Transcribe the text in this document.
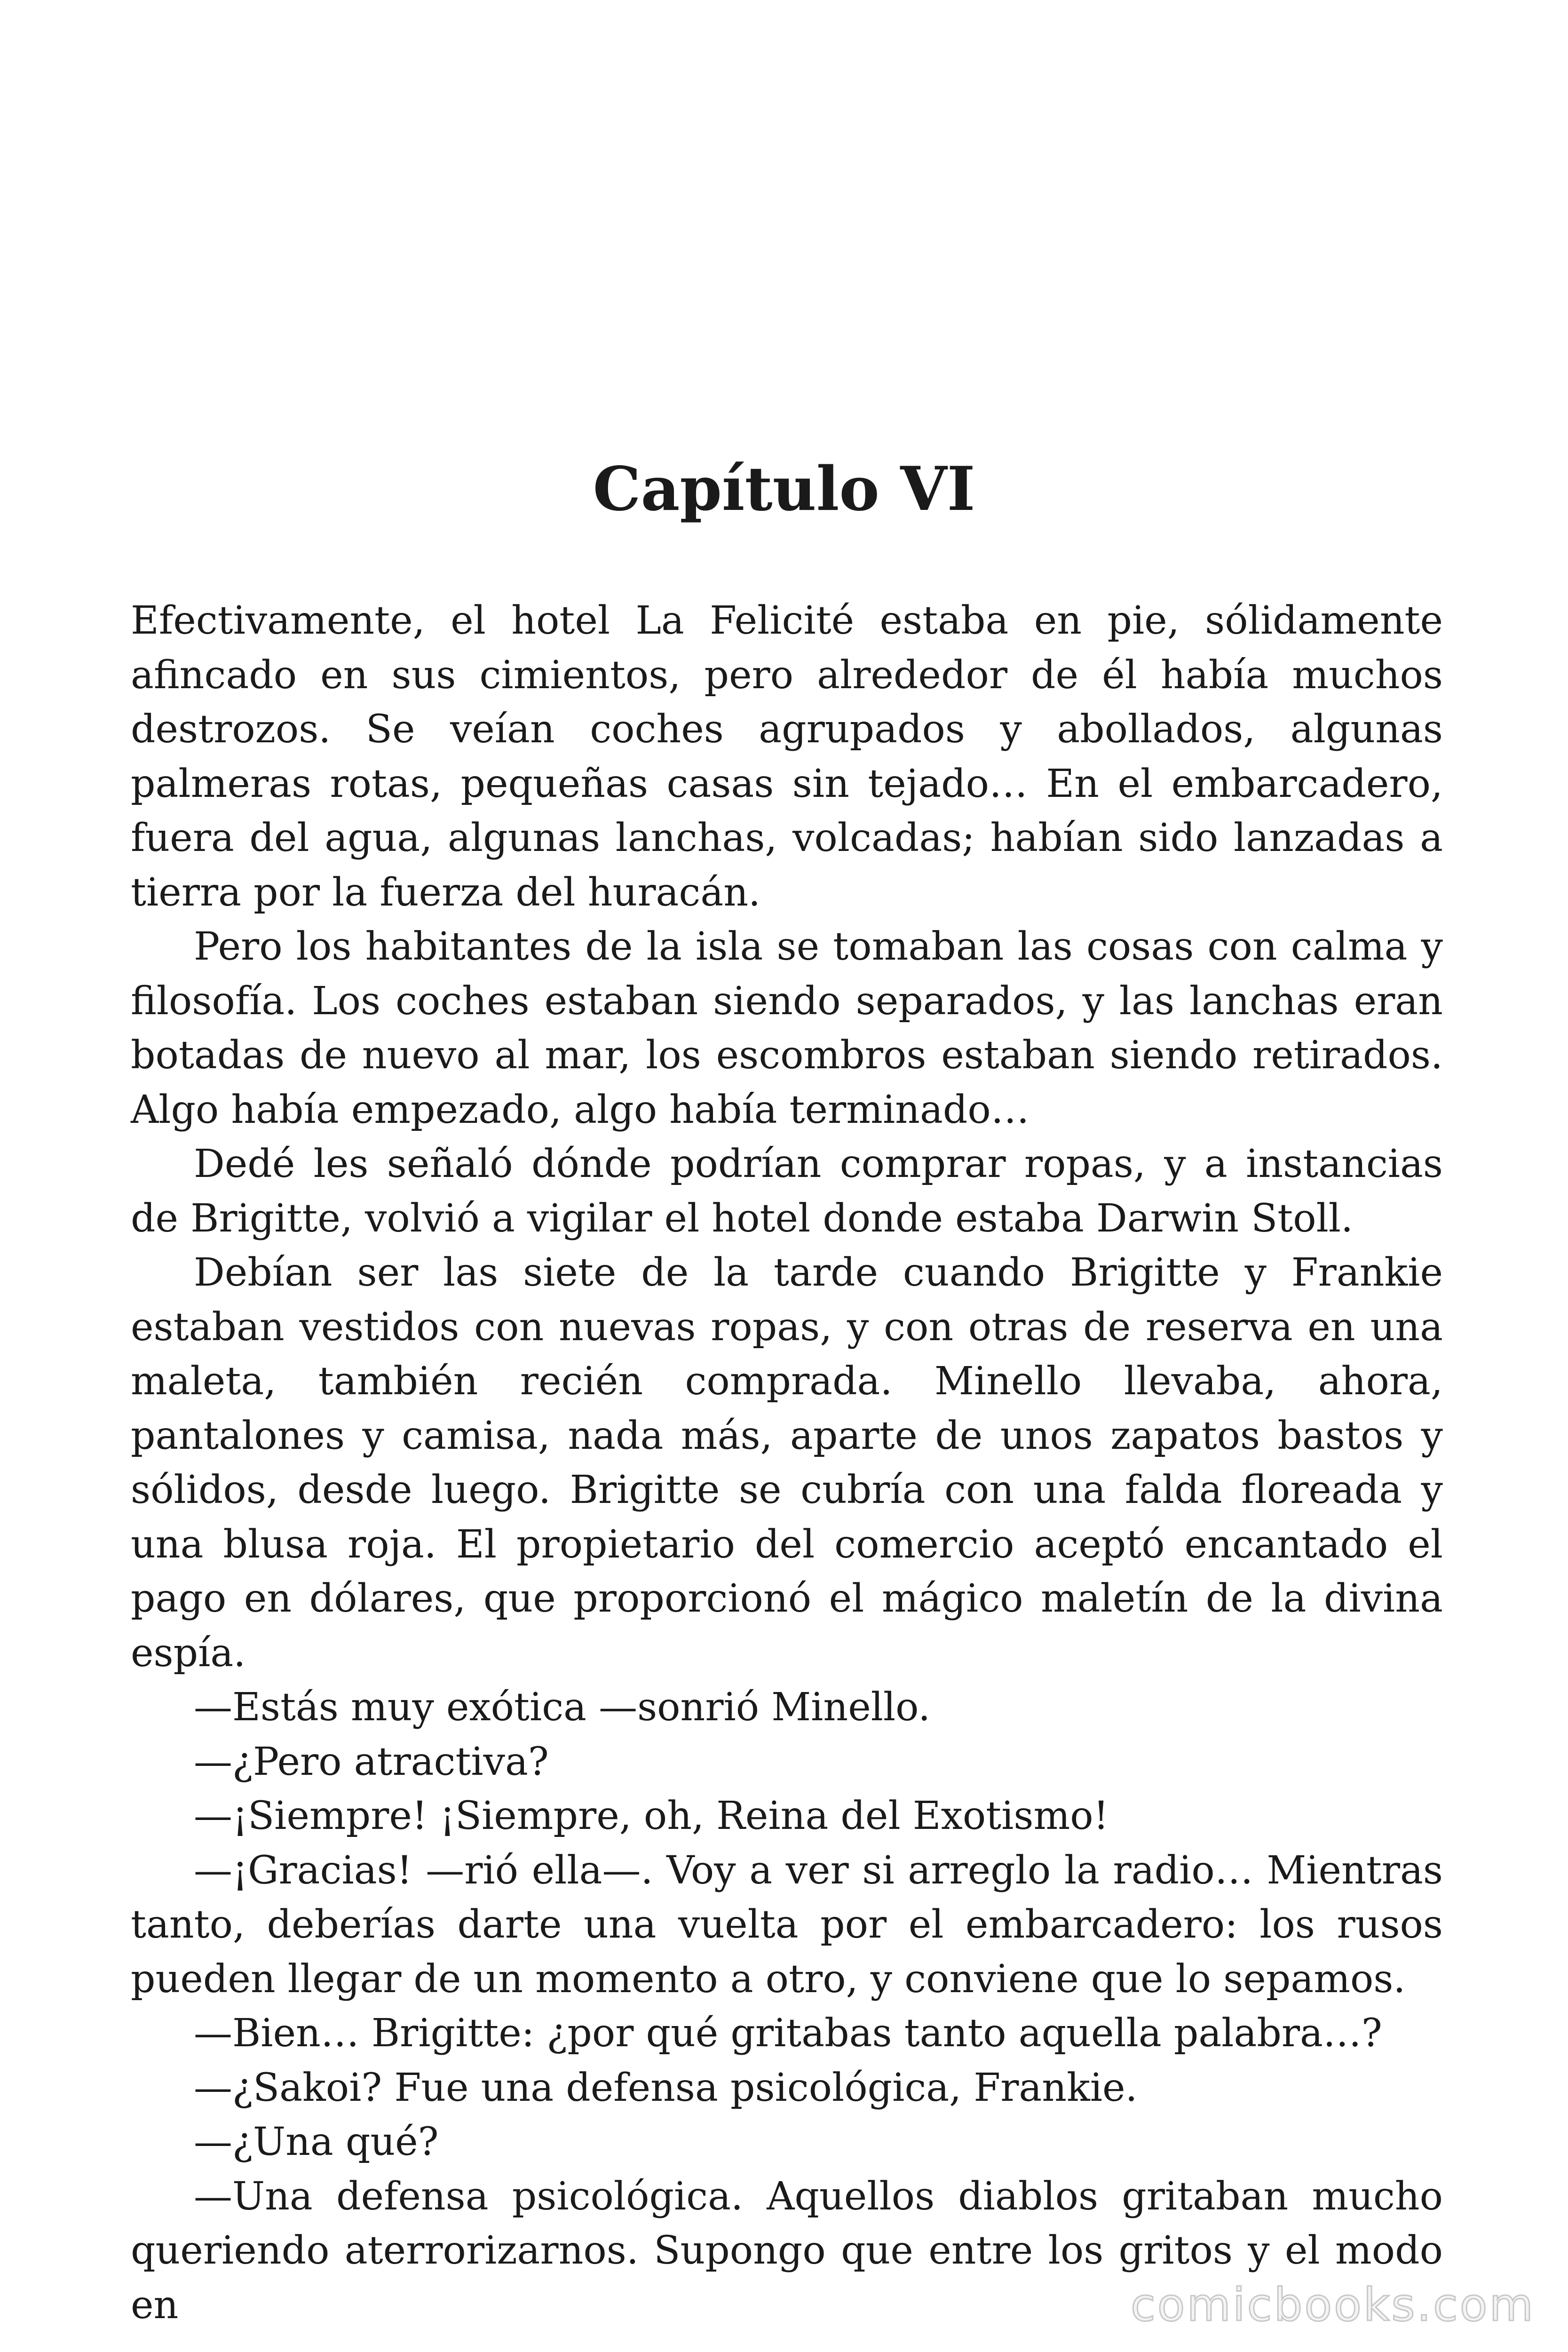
Capítulo VI

Efectivamente, el hotel La Felicité estaba en pie, sólidamente afincado en sus cimientos, pero alrededor de él había muchos destrozos. Se veían coches agrupados y abollados, algunas palmeras rotas, pequeñas casas sin tejado… En el embarcadero, fuera del agua, algunas lanchas, volcadas; habían sido lanzadas a tierra por la fuerza del huracán.

Pero los habitantes de la isla se tomaban las cosas con calma y filosofía. Los coches estaban siendo separados, y las lanchas eran botadas de nuevo al mar, los escombros estaban siendo retirados. Algo había empezado, algo había terminado…

Dedé les señaló dónde podrían comprar ropas, y a instancias de Brigitte, volvió a vigilar el hotel donde estaba Darwin Stoll.

Debían ser las siete de la tarde cuando Brigitte y Frankie estaban vestidos con nuevas ropas, y con otras de reserva en una maleta, también recién comprada. Minello llevaba, ahora, pantalones y camisa, nada más, aparte de unos zapatos bastos y sólidos, desde luego. Brigitte se cubría con una falda floreada y una blusa roja. El propietario del comercio aceptó encantado el pago en dólares, que proporcionó el mágico maletín de la divina espía.

—Estás muy exótica —sonrió Minello.

—¿Pero atractiva?

—¡Siempre! ¡Siempre, oh, Reina del Exotismo!

—¡Gracias! —rió ella—. Voy a ver si arreglo la radio… Mientras tanto, deberías darte una vuelta por el embarcadero: los rusos pueden llegar de un momento a otro, y conviene que lo sepamos.

—Bien… Brigitte: ¿por qué gritabas tanto aquella palabra…?

—¿Sakoi? Fue una defensa psicológica, Frankie.

—¿Una qué?

—Una defensa psicológica. Aquellos diablos gritaban mucho queriendo aterrorizarnos. Supongo que entre los gritos y el modo en	comicbooks.com
